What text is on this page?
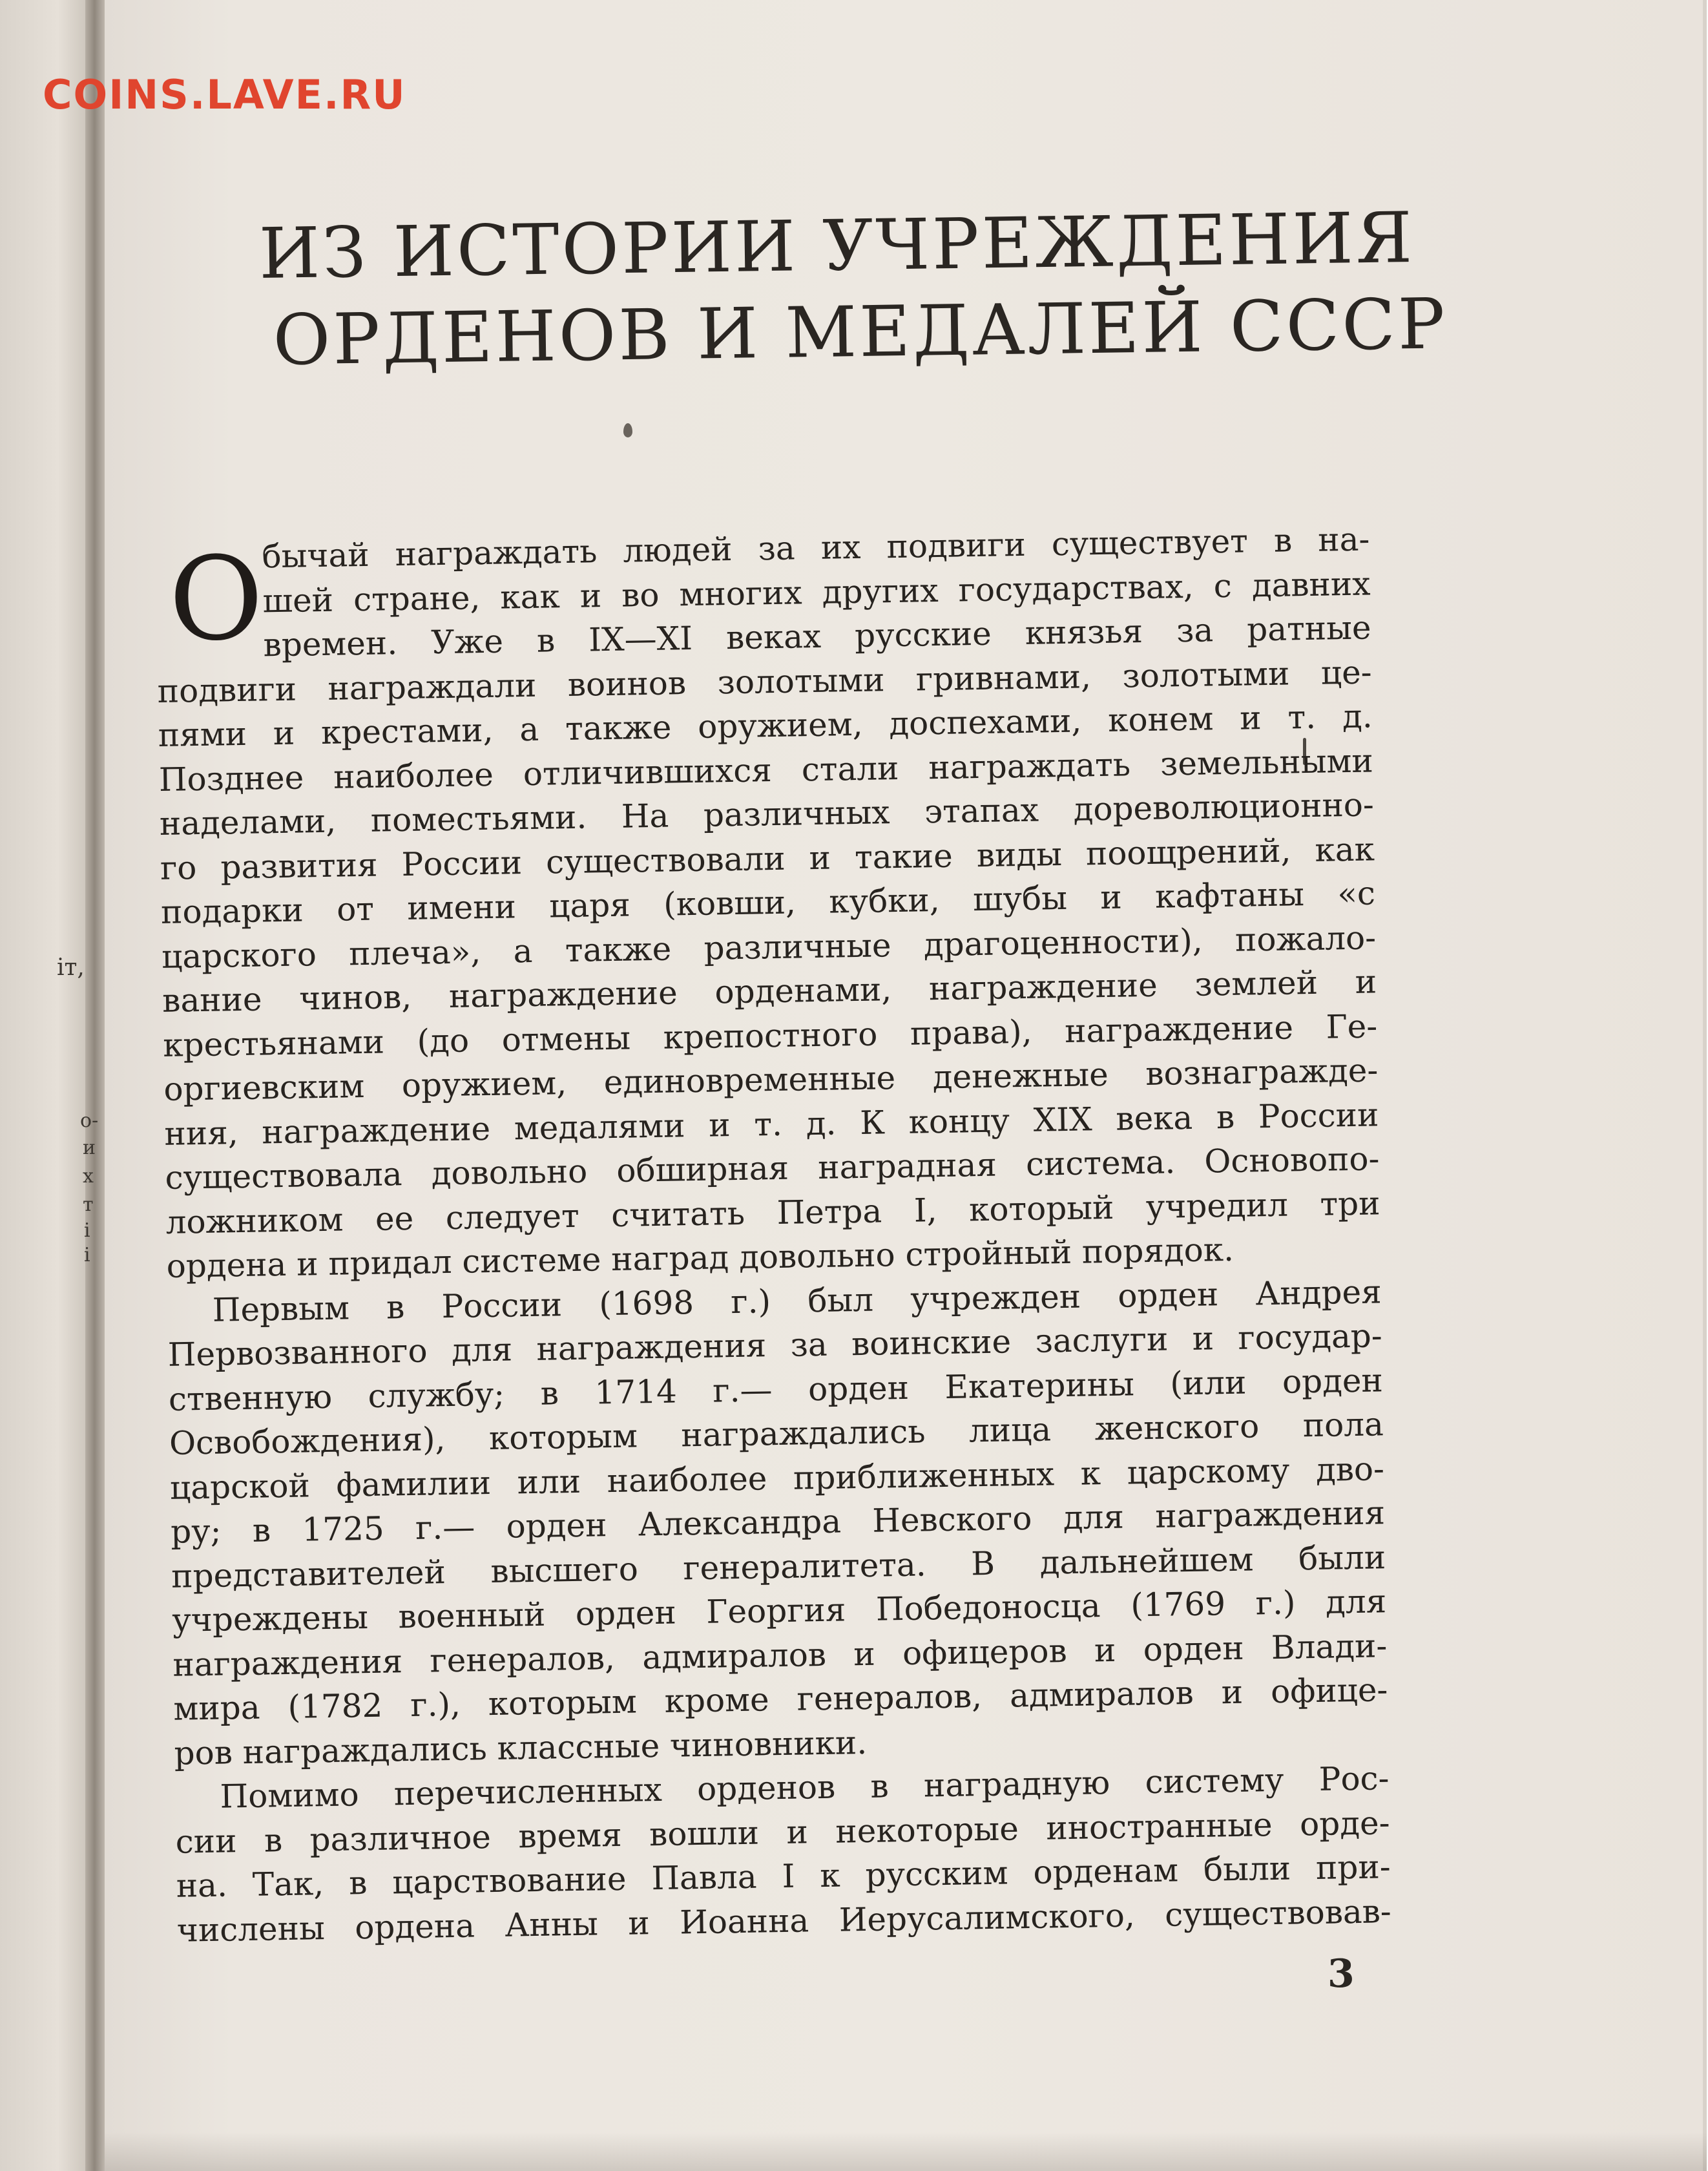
іт,
о-
и
х
т
і
і
COINS.LAVE.RU
ИЗ ИСТОРИИ УЧРЕЖДЕНИЯ
ОРДЕНОВ И МЕДАЛЕЙ СССР
О

бычай награждать людей за их подвиги существует в на-
шей стране, как и во многих других государствах, с давних
времен. Уже в IX—XI веках русские князья за ратные
подвиги награждали воинов золотыми гривнами, золотыми це-
пями и крестами, а также оружием, доспехами, конем и т. д.
Позднее наиболее отличившихся стали награждать земельными
наделами, поместьями. На различных этапах дореволюционно-
го развития России существовали и такие виды поощрений, как
подарки от имени царя (ковши, кубки, шубы и кафтаны «с
царского плеча», а также различные драгоценности), пожало-
вание чинов, награждение орденами, награждение землей и
крестьянами (до отмены крепостного права), награждение Ге-
оргиевским оружием, единовременные денежные вознагражде-
ния, награждение медалями и т. д. К концу XIX века в России
существовала довольно обширная наградная система. Основопо-
ложником ее следует считать Петра I, который учредил три
ордена и придал системе наград довольно стройный порядок.

Первым в России (1698 г.) был учрежден орден Андрея
Первозванного для награждения за воинские заслуги и государ-
ственную службу; в 1714 г.— орден Екатерины (или орден
Освобождения), которым награждались лица женского пола
царской фамилии или наиболее приближенных к царскому дво-
ру; в 1725 г.— орден Александра Невского для награждения
представителей высшего генералитета. В дальнейшем были
учреждены военный орден Георгия Победоносца (1769 г.) для
награждения генералов, адмиралов и офицеров и орден Влади-
мира (1782 г.), которым кроме генералов, адмиралов и офице-
ров награждались классные чиновники.

Помимо перечисленных орденов в наградную систему Рос-
сии в различное время вошли и некоторые иностранные орде-
на. Так, в царствование Павла I к русским орденам были при-
числены ордена Анны и Иоанна Иерусалимского, существовав-

3
